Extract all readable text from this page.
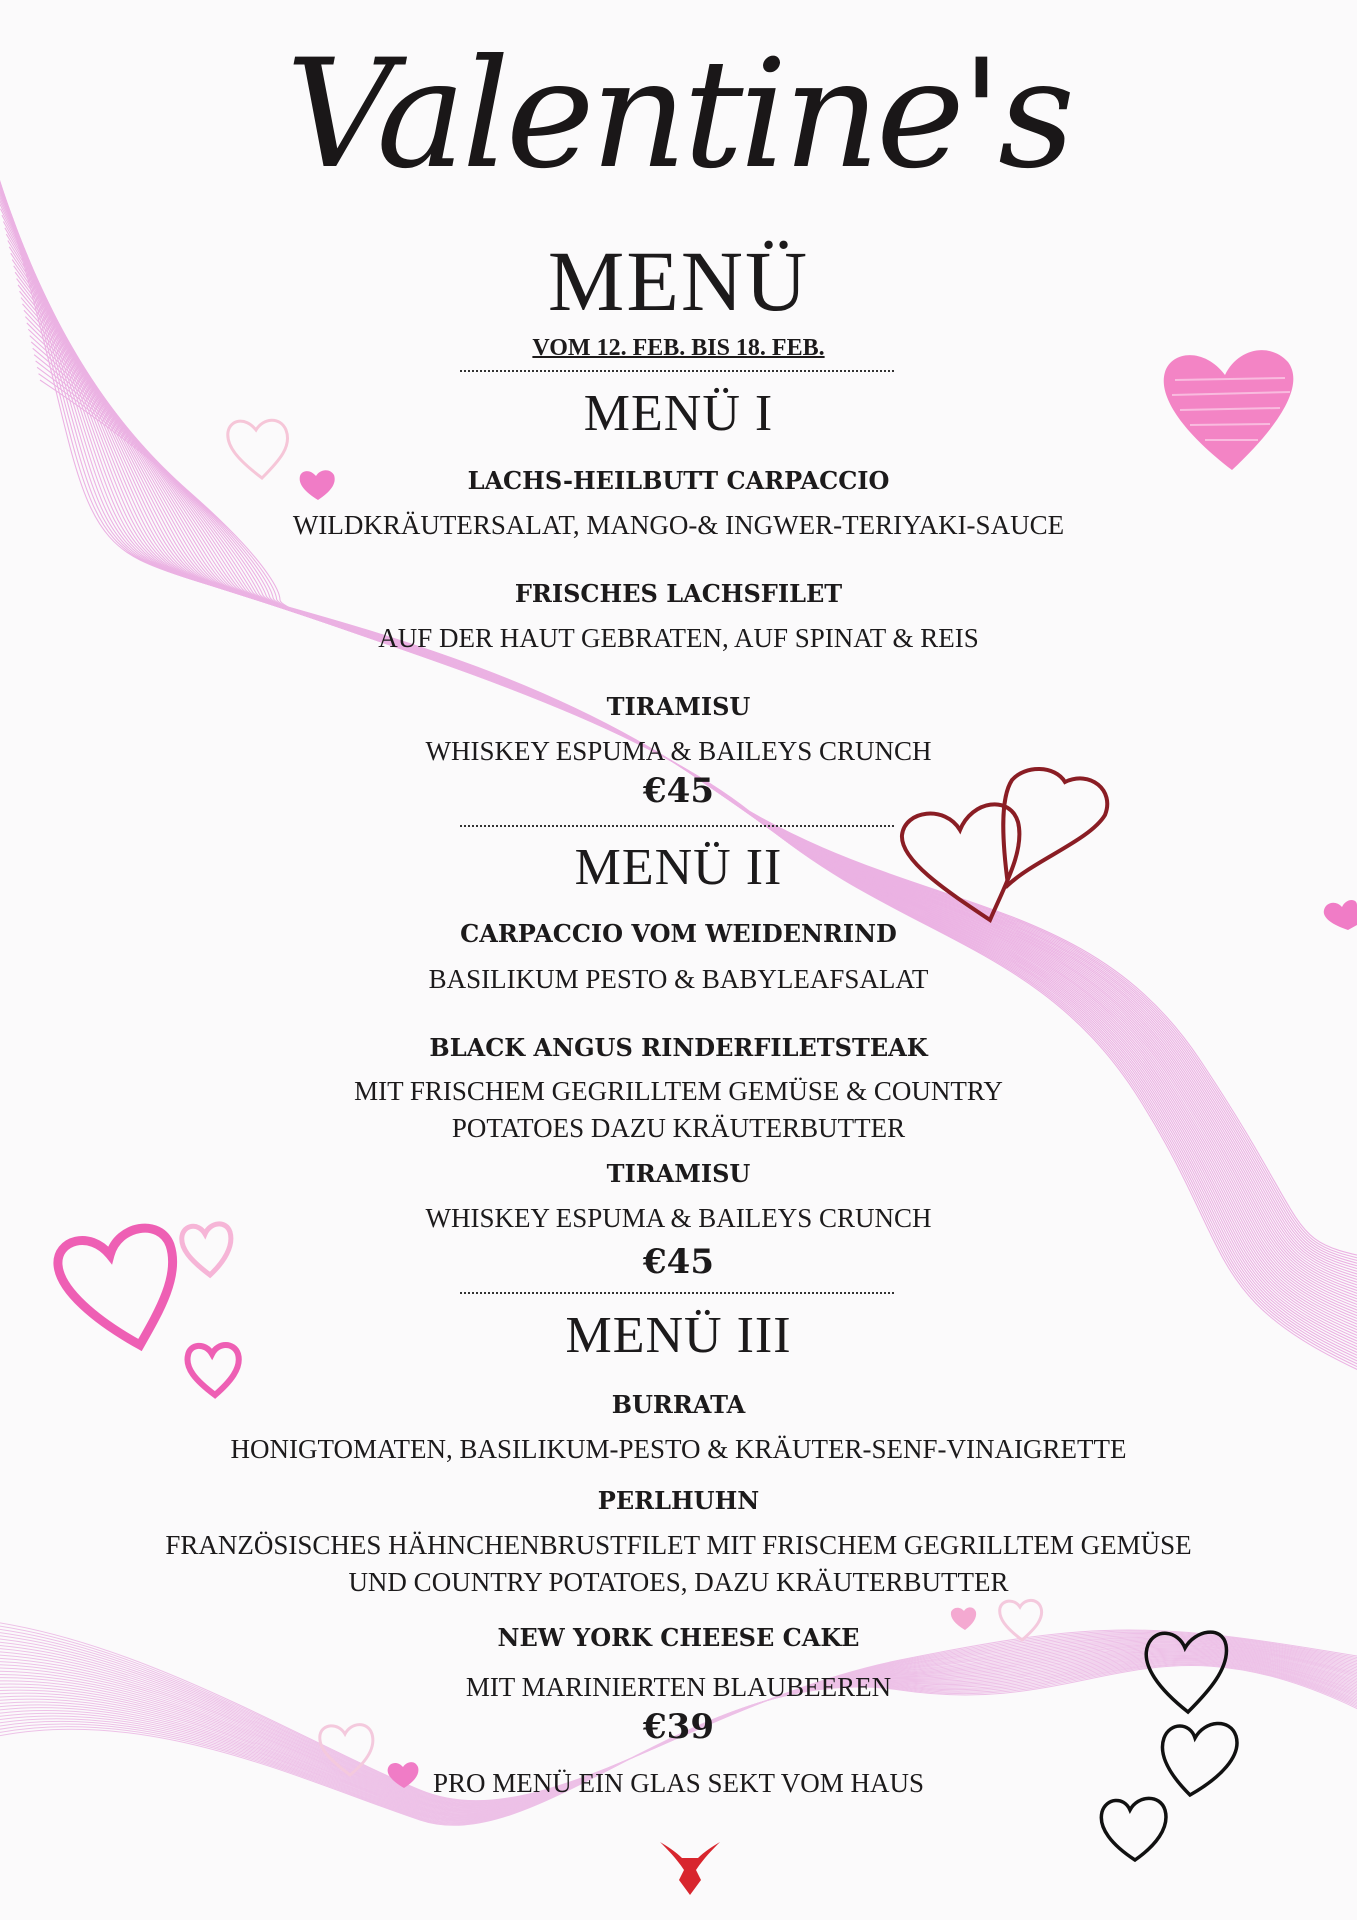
Valentine's
MENÜ
VOM 12. FEB. BIS 18. FEB.
MENÜ I
LACHS-HEILBUTT CARPACCIO
WILDKRÄUTERSALAT, MANGO-& INGWER-TERIYAKI-SAUCE
FRISCHES LACHSFILET
AUF DER HAUT GEBRATEN, AUF SPINAT & REIS
TIRAMISU
WHISKEY ESPUMA & BAILEYS CRUNCH
€45
MENÜ II
CARPACCIO VOM WEIDENRIND
BASILIKUM PESTO & BABYLEAFSALAT
BLACK ANGUS RINDERFILETSTEAK
MIT FRISCHEM GEGRILLTEM GEMÜSE & COUNTRY
POTATOES DAZU KRÄUTERBUTTER
TIRAMISU
WHISKEY ESPUMA & BAILEYS CRUNCH
€45
MENÜ III
BURRATA
HONIGTOMATEN, BASILIKUM-PESTO & KRÄUTER-SENF-VINAIGRETTE
PERLHUHN
FRANZÖSISCHES HÄHNCHENBRUSTFILET MIT FRISCHEM GEGRILLTEM GEMÜSE
UND COUNTRY POTATOES, DAZU KRÄUTERBUTTER
NEW YORK CHEESE CAKE
MIT MARINIERTEN BLAUBEEREN
€39
PRO MENÜ EIN GLAS SEKT VOM HAUS
